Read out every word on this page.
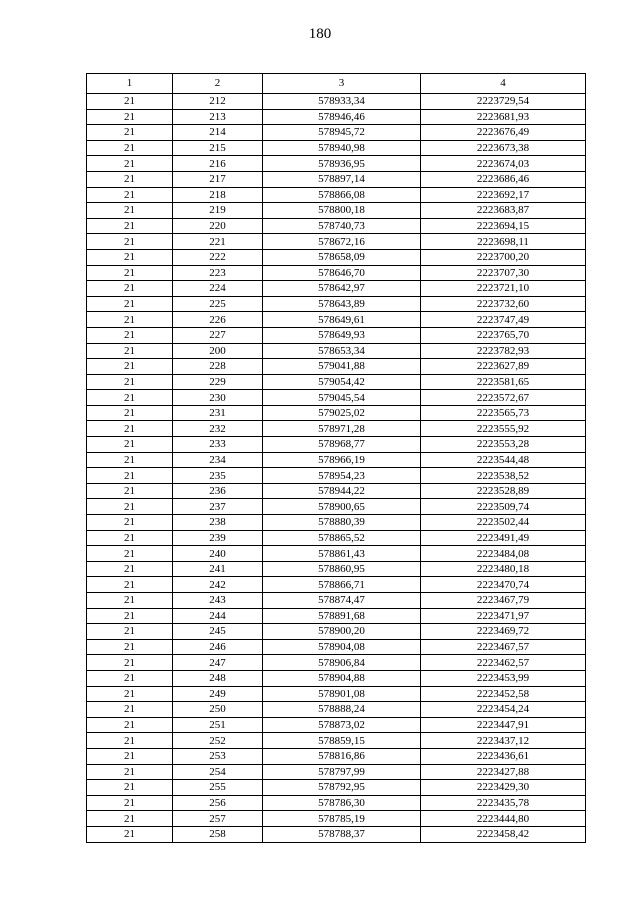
180
1	2	3	4
21	212	578933,34	2223729,54
21	213	578946,46	2223681,93
21	214	578945,72	2223676,49
21	215	578940,98	2223673,38
21	216	578936,95	2223674,03
21	217	578897,14	2223686,46
21	218	578866,08	2223692,17
21	219	578800,18	2223683,87
21	220	578740,73	2223694,15
21	221	578672,16	2223698,11
21	222	578658,09	2223700,20
21	223	578646,70	2223707,30
21	224	578642,97	2223721,10
21	225	578643,89	2223732,60
21	226	578649,61	2223747,49
21	227	578649,93	2223765,70
21	200	578653,34	2223782,93
21	228	579041,88	2223627,89
21	229	579054,42	2223581,65
21	230	579045,54	2223572,67
21	231	579025,02	2223565,73
21	232	578971,28	2223555,92
21	233	578968,77	2223553,28
21	234	578966,19	2223544,48
21	235	578954,23	2223538,52
21	236	578944,22	2223528,89
21	237	578900,65	2223509,74
21	238	578880,39	2223502,44
21	239	578865,52	2223491,49
21	240	578861,43	2223484,08
21	241	578860,95	2223480,18
21	242	578866,71	2223470,74
21	243	578874,47	2223467,79
21	244	578891,68	2223471,97
21	245	578900,20	2223469,72
21	246	578904,08	2223467,57
21	247	578906,84	2223462,57
21	248	578904,88	2223453,99
21	249	578901,08	2223452,58
21	250	578888,24	2223454,24
21	251	578873,02	2223447,91
21	252	578859,15	2223437,12
21	253	578816,86	2223436,61
21	254	578797,99	2223427,88
21	255	578792,95	2223429,30
21	256	578786,30	2223435,78
21	257	578785,19	2223444,80
21	258	578788,37	2223458,42
